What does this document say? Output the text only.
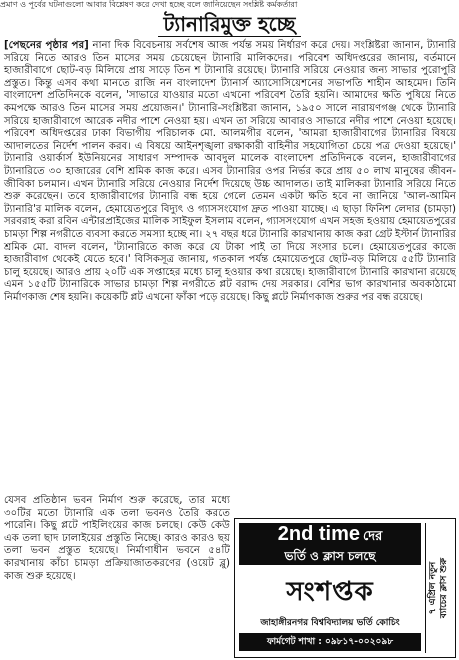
প্রমাণ ও পূর্বের ঘটনাগুলো আবার বিশ্লেষণ করে দেখা হচ্ছে বলে জানিয়েছেন সংশ্লিষ্ট কর্মকর্তারা
ট্যানারিমুক্ত হচ্ছে

[পেছনের পৃষ্ঠার পর] নানা দিক বিবেচনায় সর্বশেষ আজ পর্যন্ত সময় নির্ধারণ করে দেয়। সংশ্লিষ্টরা জানান, ট্যানারি সরিয়ে নিতে আরও তিন মাসের সময় চেয়েছেন ট্যানারি মালিকদের। পরিবেশ অধিদপ্তরের জানায়, বর্তমানে হাজারীবাগে ছোট-বড় মিলিয়ে প্রায় সাড়ে তিন শ ট্যানারি রয়েছে। ট্যানারি সরিয়ে নেওয়ার জন্য সাভার পুরোপুরি প্রস্তুত। কিন্তু এসব কথা মানতে রাজি নন বাংলাদেশ ট্যানার্স অ্যাসোসিয়েশনের সভাপতি শাহীন আহমেদ। তিনি বাংলাদেশ প্রতিদিনকে বলেন, 'সাভারে যাওয়ার মতো এখনো পরিবেশ তৈরি হয়নি। আমাদের ক্ষতি পুষিয়ে নিতে কমপক্ষে আরও তিন মাসের সময় প্রয়োজন।' ট্যানারি-সংশ্লিষ্টরা জানান, ১৯৫০ সালে নারায়ণগঞ্জ থেকে ট্যানারি সরিয়ে হাজারীবাগে আরেক নদীর পাশে নেওয়া হয়। এখন তা সরিয়ে আবারও সাভারে নদীর পাশে নেওয়া হয়েছে। পরিবেশ অধিদপ্তরের ঢাকা বিভাগীয় পরিচালক মো. আলমগীর বলেন, 'আমরা হাজারীবাগের ট্যানারির বিষয়ে আদালতের নির্দেশ পালন করব। এ বিষয়ে আইনশৃঙ্খলা রক্ষাকারী বাহিনীর সহযোগিতা চেয়ে পত্র দেওয়া হয়েছে।' ট্যানারি ওয়ার্কার্স ইউনিয়নের সাধারণ সম্পাদক আবদুল মালেক বাংলাদেশ প্রতিদিনকে বলেন, হাজারীবাগের ট্যানারিতে ৩০ হাজারের বেশি শ্রমিক কাজ করে। এসব ট্যানারির ওপর নির্ভর করে প্রায় ৫০ লাখ মানুষের জীবন-জীবিকা চলমান। এখন ট্যানারি সরিয়ে নেওয়ার নির্দেশ দিয়েছে উচ্চ আদালত। তাই মালিকরা ট্যানারি সরিয়ে নিতে শুরু করেছেন। তবে হাজারীবাগের ট্যানারি বন্ধ হয়ে গেলে তেমন একটা ক্ষতি হবে না জানিয়ে 'আল-আমিন ট্যানারি'র মালিক বলেন, হেমায়েতপুরে বিদ্যুৎ ও গ্যাসসংযোগ দ্রুত পাওয়া যাচ্ছে। এ ছাড়া ফিনিশ লেদার (চামড়া) সরবরাহ করা রবিন এন্টারপ্রাইজের মালিক সাইফুল ইসলাম বলেন, গ্যাসসংযোগ এখন সহজ হওয়ায় হেমায়েতপুরের চামড়া শিল্প নগরীতে ব্যবসা করতে সমস্যা হচ্ছে না। ২৭ বছর ধরে ট্যানারি কারখানায় কাজ করা গ্রেট ইস্টার্ন ট্যানারির শ্রমিক মো. বাদল বলেন, 'ট্যানারিতে কাজ করে যে টাকা পাই তা দিয়ে সংসার চলে। হেমায়েতপুরের কাজে হাজারীবাগ থেকেই যেতে হবে।' বিসিকসূত্র জানায়, গতকাল পর্যন্ত হেমায়েতপুরে ছোট-বড় মিলিয়ে ৫৫টি ট্যানারি চালু হয়েছে। আরও প্রায় ২০টি এক সপ্তাহের মধ্যে চালু হওয়ার কথা রয়েছে। হাজারীবাগে ট্যানারি কারখানা রয়েছে এমন ১৫৫টি ট্যানারিকে সাভার চামড়া শিল্প নগরীতে প্লট বরাদ্দ দেয় সরকার। বেশির ভাগ কারখানার অবকাঠামো নির্মাণকাজ শেষ হয়নি। কয়েকটি প্লট এখনো ফাঁকা পড়ে রয়েছে। কিছু প্লটে নির্মাণকাজ শুরুর পর বন্ধ রয়েছে।

যেসব প্রতিষ্ঠান ভবন নির্মাণ শুরু করেছে, তার মধ্যে ৩০টির মতো ট্যানারি এক তলা ভবনও তৈরি করতে পারেনি। কিছু প্লটে পাইলিংয়ের কাজ চলছে। কেউ কেউ এক তলা ছাদ ঢালাইয়ের প্রস্তুতি নিচ্ছে। কারও কারও ছয় তলা ভবন প্রস্তুত হয়েছে। নির্মাণাধীন ভবনে ৫৪টি কারখানায় কাঁচা চামড়া প্রক্রিয়াজাতকরণের (ওয়েট ব্লু) কাজ শুরু হয়েছে।

2nd time দের
ভর্তি ও ক্লাস চলছে
সংশপ্তক
জাহাঙ্গীরনগর বিশ্ববিদ্যালয় ভর্তি কোচিং
ফার্মগেট শাখা : ০৯৮১৭-০০২০৯৮
৭ এপ্রিল নতুন ব্যাচের ক্লাস শুরু
